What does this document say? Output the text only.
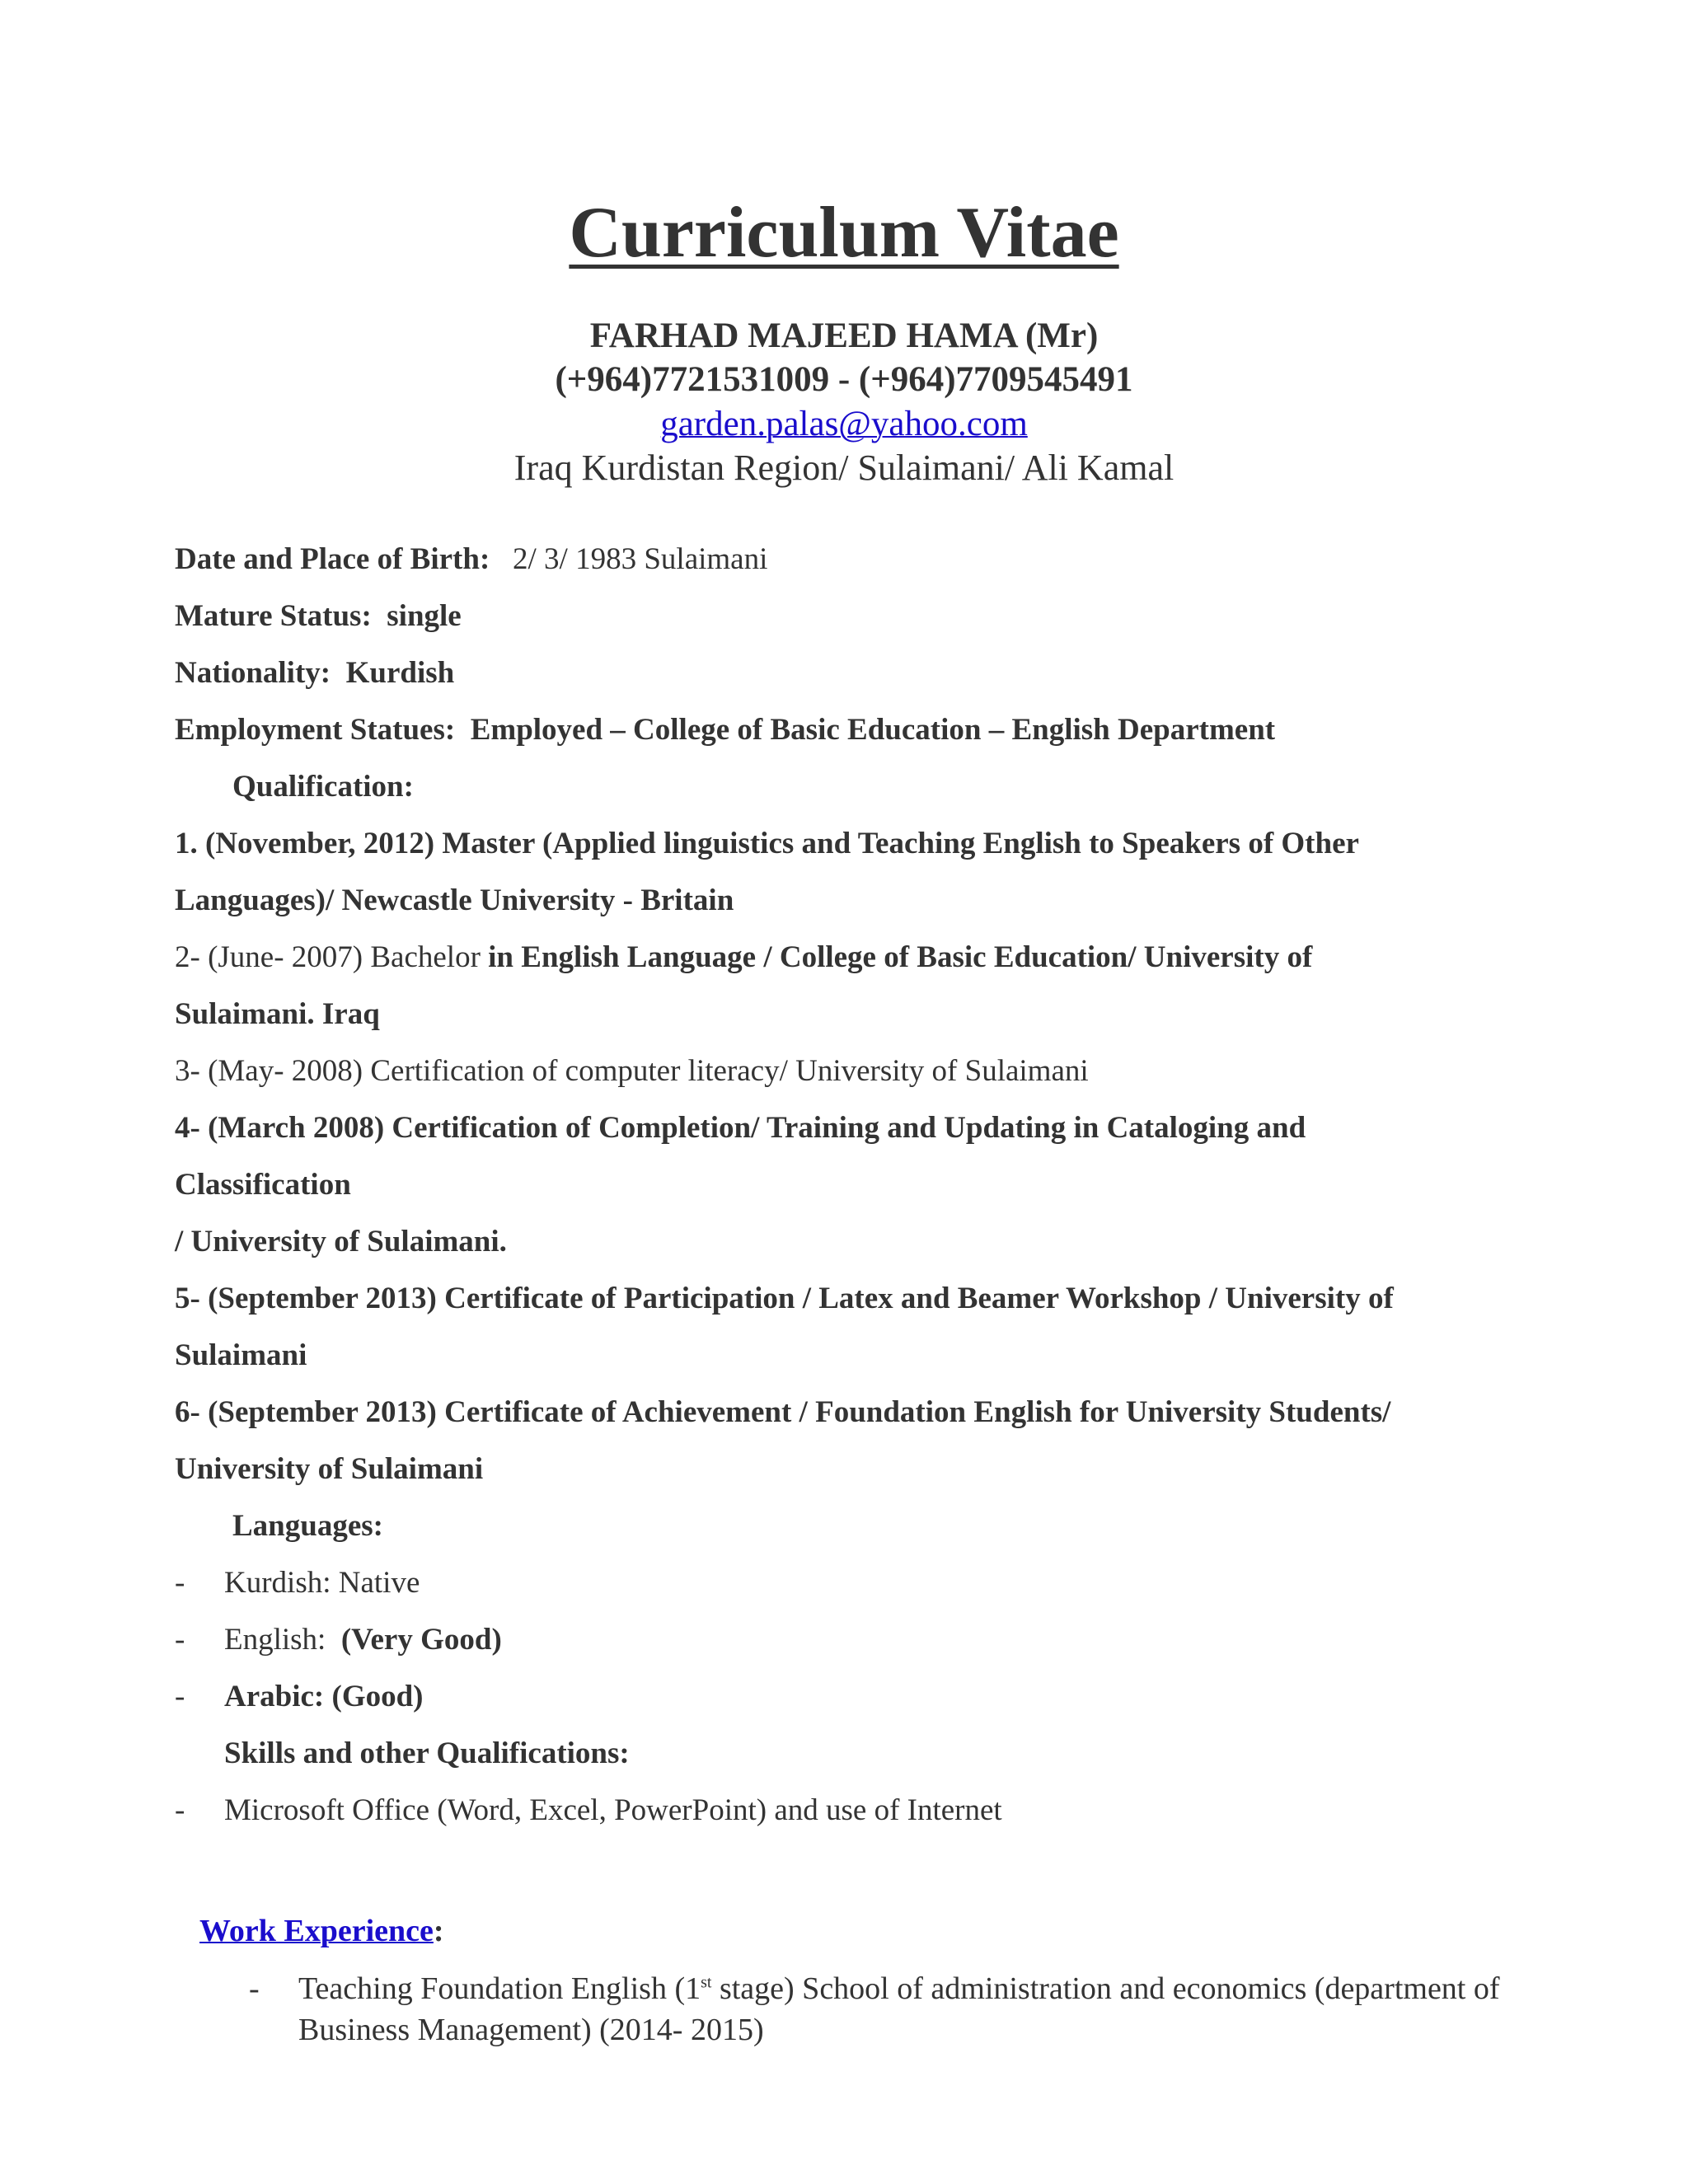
Curriculum Vitae
FARHAD MAJEED HAMA (Mr)
(+964)7721531009 - (+964)7709545491
garden.palas@yahoo.com
Iraq Kurdistan Region/ Sulaimani/ Ali Kamal
Date and Place of Birth: 2/ 3/ 1983 Sulaimani
Mature Status: single
Nationality: Kurdish
Employment Statues: Employed – College of Basic Education – English Department
Qualification:
1. (November, 2012) Master (Applied linguistics and Teaching English to Speakers of Other
Languages)/ Newcastle University - Britain
2- (June- 2007) Bachelor in English Language / College of Basic Education/ University of
Sulaimani. Iraq
3- (May- 2008) Certification of computer literacy/ University of Sulaimani
4- (March 2008) Certification of Completion/ Training and Updating in Cataloging and
Classification
/ University of Sulaimani.
5- (September 2013) Certificate of Participation / Latex and Beamer Workshop / University of
Sulaimani
6- (September 2013) Certificate of Achievement / Foundation English for University Students/
University of Sulaimani
Languages:
- Kurdish: Native
- English:  (Very Good)
- Arabic: (Good)
Skills and other Qualifications:
- Microsoft Office (Word, Excel, PowerPoint) and use of Internet
Work Experience:
- Teaching Foundation English (1st stage) School of administration and economics (department of Business Management) (2014- 2015)
